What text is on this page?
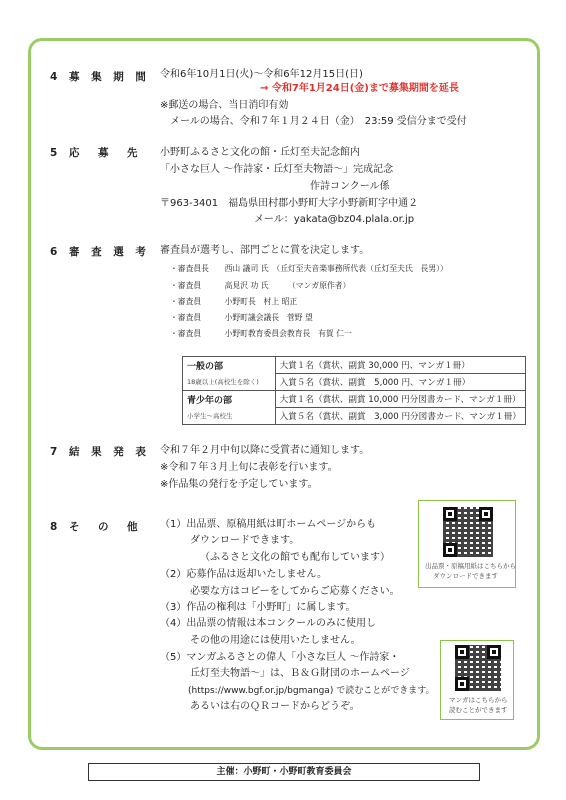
4 募 集 期 間 令和6年10月1日(火)～令和6年12月15日(日)
→ 令和7年1月24日(金)まで募集期間を延長
※郵送の場合、当日消印有効
メールの場合、令和７年１月２４日（金）　23:59 受信分まで受付
5 応　募　先 小野町ふるさと文化の館・丘灯至夫記念館内
「小さな巨人 ～作詩家・丘灯至夫物語～」完成記念
作詩コンクール係
〒963-3401　福島県田村郡小野町大字小野新町字中通２
メール：yakata@bz04.plala.or.jp
6 審 査 選 考 審査員が選考し、部門ごとに賞を決定します。
・審査員長　　西山 議司 氏　（丘灯至夫音楽事務所代表（丘灯至夫氏　長男））
・審査員　　　高見沢 功 氏　　　（マンガ原作者）
・審査員　　　小野町長　村上 昭正
・審査員　　　小野町議会議長　菅野 望
・審査員　　　小野町教育委員会教育長　有賀 仁一
一般の部	大賞１名（賞状、副賞 30,000 円、マンガ１冊）
18歳以上(高校生を除く)	入賞５名（賞状、副賞　5,000 円、マンガ１冊）
青少年の部	大賞１名（賞状、副賞 10,000 円分図書カード、マンガ１冊）
小学生～高校生	入賞５名（賞状、副賞　3,000 円分図書カード、マンガ１冊）
7 結 果 発 表 令和７年２月中旬以降に受賞者に通知します。
※令和７年３月上旬に表彰を行います。
※作品集の発行を予定しています。
8 そ　の　他 （1）出品票、原稿用紙は町ホームページからも
ダウンロードできます。
（ふるさと文化の館でも配布しています）
（2）応募作品は返却いたしません。
必要な方はコピーをしてからご応募ください。
（3）作品の権利は「小野町」に属します。
（4）出品票の情報は本コンクールのみに使用し
その他の用途には使用いたしません。
（5）マンガふるさとの偉人「小さな巨人 ～作詩家・
丘灯至夫物語～」は、Ｂ＆Ｇ財団のホームページ
(https://www.bgf.or.jp/bgmanga) で読むことができます。
あるいは右のＱＲコードからどうぞ。
出品票・原稿用紙はこちらから
ダウンロードできます
マンガはこちらから
読むことができます
主催：小野町・小野町教育委員会
